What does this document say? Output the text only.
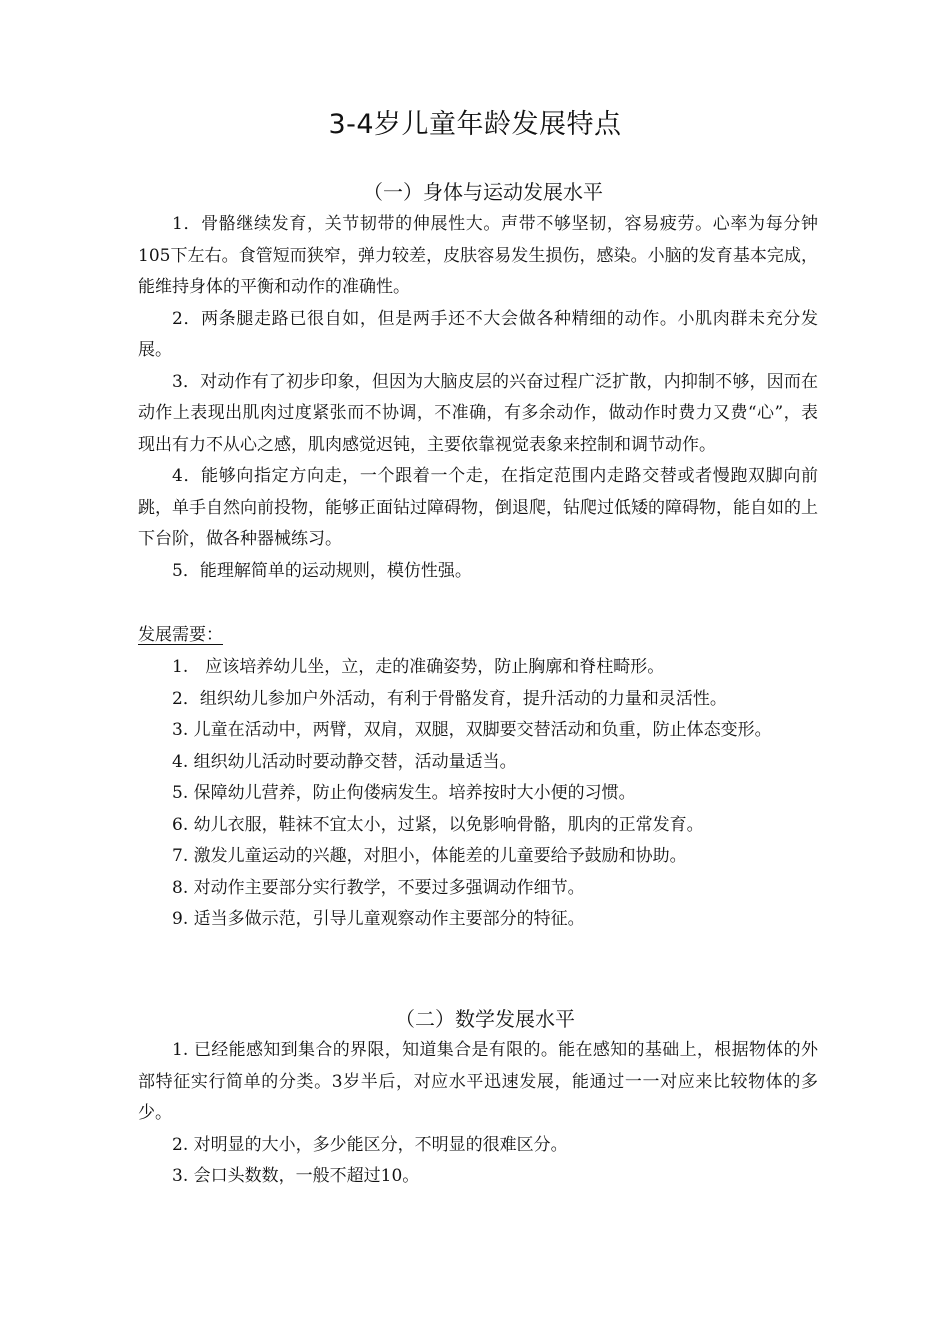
3-4岁儿童年龄发展特点
（一）身体与运动发展水平

1．骨骼继续发育，关节韧带的伸展性大。声带不够坚韧，容易疲劳。心率为每分钟105下左右。食管短而狭窄，弹力较差，皮肤容易发生损伤，感染。小脑的发育基本完成，能维持身体的平衡和动作的准确性。

2．两条腿走路已很自如，但是两手还不大会做各种精细的动作。小肌肉群未充分发展。

3．对动作有了初步印象，但因为大脑皮层的兴奋过程广泛扩散，内抑制不够，因而在动作上表现出肌肉过度紧张而不协调，不准确，有多余动作，做动作时费力又费“心”，表现出有力不从心之感，肌肉感觉迟钝，主要依靠视觉表象来控制和调节动作。

4．能够向指定方向走，一个跟着一个走，在指定范围内走路交替或者慢跑双脚向前跳，单手自然向前投物，能够正面钻过障碍物，倒退爬，钻爬过低矮的障碍物，能自如的上下台阶，做各种器械练习。

5．能理解简单的运动规则，模仿性强。

发展需要：

1.　应该培养幼儿坐，立，走的准确姿势，防止胸廓和脊柱畸形。

2．组织幼儿参加户外活动，有利于骨骼发育，提升活动的力量和灵活性。

3. 儿童在活动中，两臂，双肩，双腿，双脚要交替活动和负重，防止体态变形。

4. 组织幼儿活动时要动静交替，活动量适当。

5. 保障幼儿营养，防止佝偻病发生。培养按时大小便的习惯。

6. 幼儿衣服，鞋袜不宜太小，过紧，以免影响骨骼，肌肉的正常发育。

7. 激发儿童运动的兴趣，对胆小，体能差的儿童要给予鼓励和协助。

8. 对动作主要部分实行教学，不要过多强调动作细节。

9. 适当多做示范，引导儿童观察动作主要部分的特征。

（二）数学发展水平

1. 已经能感知到集合的界限，知道集合是有限的。能在感知的基础上，根据物体的外部特征实行简单的分类。3岁半后，对应水平迅速发展，能通过一一对应来比较物体的多少。

2. 对明显的大小，多少能区分，不明显的很难区分。

3. 会口头数数，一般不超过10。
